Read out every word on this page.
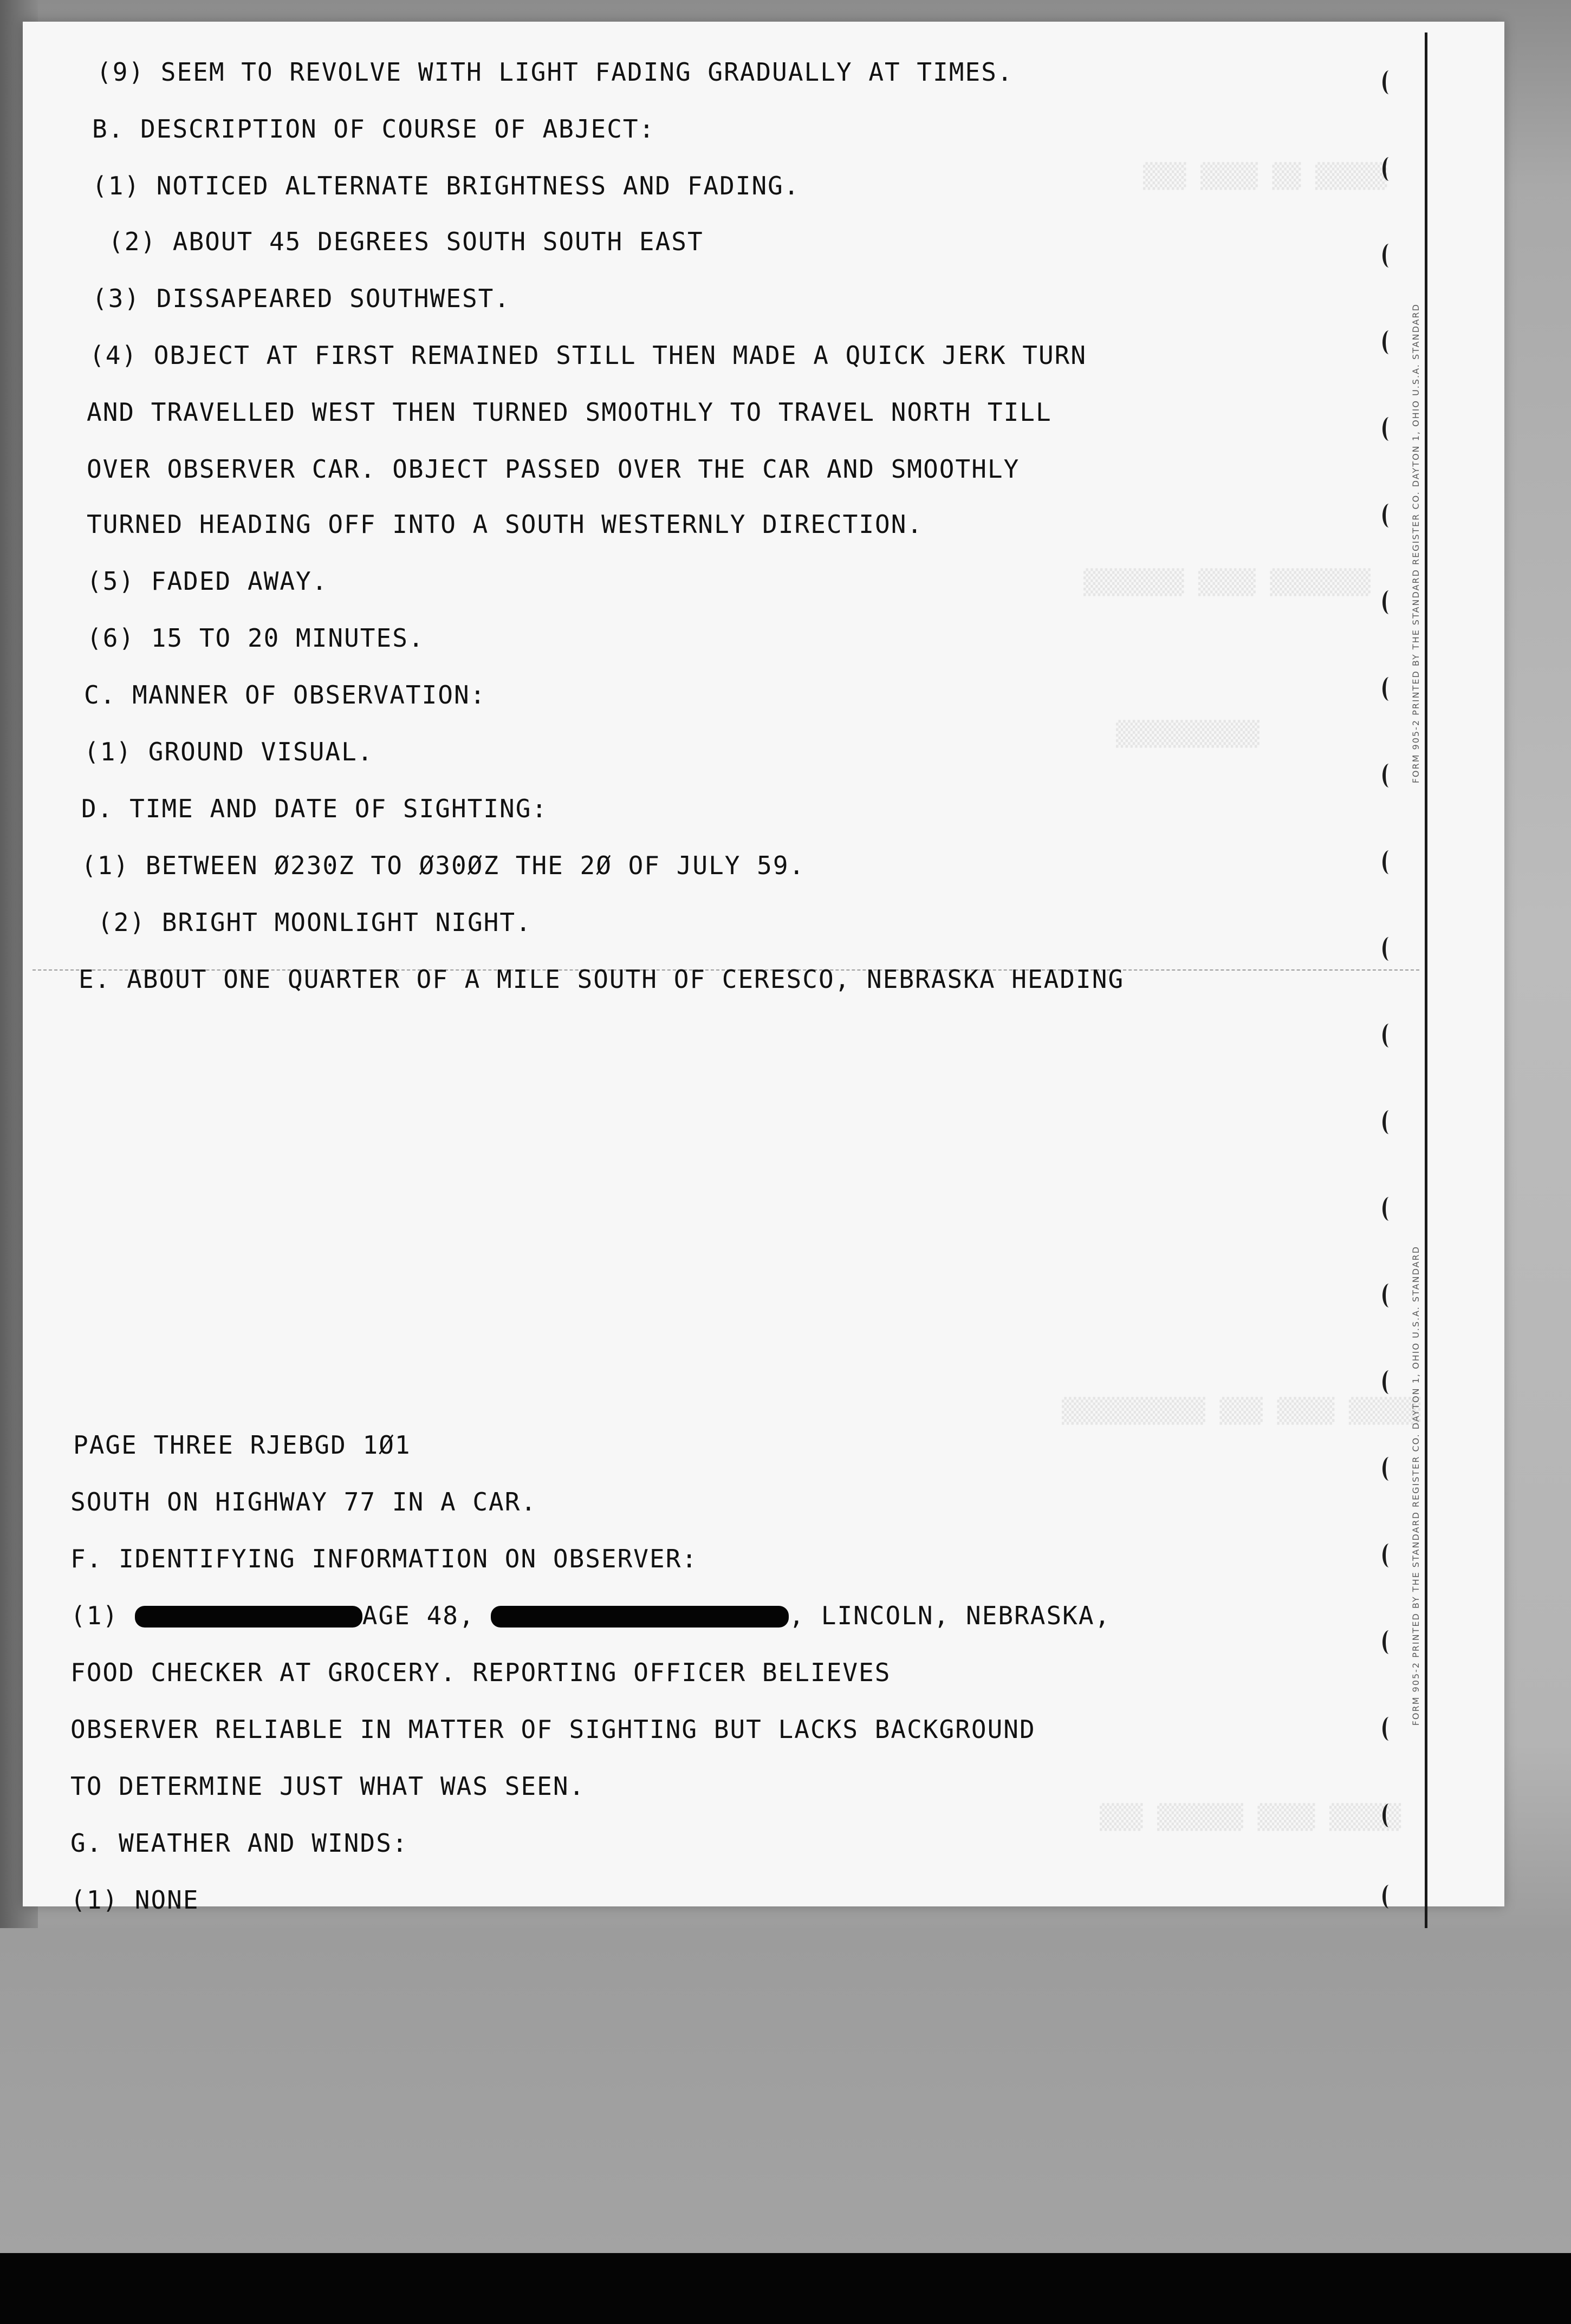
▒▒▒▒▒ ▒▒ ▒▒▒▒ ▒▒▒
▒▒▒▒▒▒▒ ▒▒▒▒ ▒▒▒▒▒▒▒
▒▒▒▒▒▒▒▒▒▒
▒▒▒▒▒ ▒▒▒▒ ▒▒▒ ▒▒▒▒▒▒▒▒▒▒
▒▒▒▒▒ ▒▒▒▒ ▒▒▒▒▒▒ ▒▒▒
FORM 905-2 PRINTED BY THE STANDARD REGISTER CO. DAYTON 1, OHIO U.S.A. STANDARD
FORM 905-2 PRINTED BY THE STANDARD REGISTER CO. DAYTON 1, OHIO U.S.A. STANDARD

(9) SEEM TO REVOLVE WITH LIGHT FADING GRADUALLY AT TIMES.

B. DESCRIPTION OF COURSE OF ABJECT:

(1) NOTICED ALTERNATE BRIGHTNESS AND FADING.

(2) ABOUT 45 DEGREES SOUTH SOUTH EAST

(3) DISSAPEARED SOUTHWEST.

(4) OBJECT AT FIRST REMAINED STILL THEN MADE A QUICK JERK TURN

AND TRAVELLED WEST THEN TURNED SMOOTHLY TO TRAVEL NORTH TILL

OVER OBSERVER CAR. OBJECT PASSED OVER THE CAR AND SMOOTHLY

TURNED HEADING OFF INTO A SOUTH WESTERNLY DIRECTION.

(5) FADED AWAY.

(6) 15 TO 20 MINUTES.

C. MANNER OF OBSERVATION:

(1) GROUND VISUAL.

D. TIME AND DATE OF SIGHTING:

(1) BETWEEN Ø230Z TO Ø30ØZ THE 2Ø OF JULY 59.

(2) BRIGHT MOONLIGHT NIGHT.

E. ABOUT ONE QUARTER OF A MILE SOUTH OF CERESCO, NEBRASKA HEADING

PAGE THREE RJEBGD 1Ø1

SOUTH ON HIGHWAY 77 IN A CAR.

F. IDENTIFYING INFORMATION ON OBSERVER:

(1)	AGE 48,	, LINCOLN, NEBRASKA,

FOOD CHECKER AT GROCERY. REPORTING OFFICER BELIEVES

OBSERVER RELIABLE IN MATTER OF SIGHTING BUT LACKS BACKGROUND

TO DETERMINE JUST WHAT WAS SEEN.

G. WEATHER AND WINDS:

(1) NONE
